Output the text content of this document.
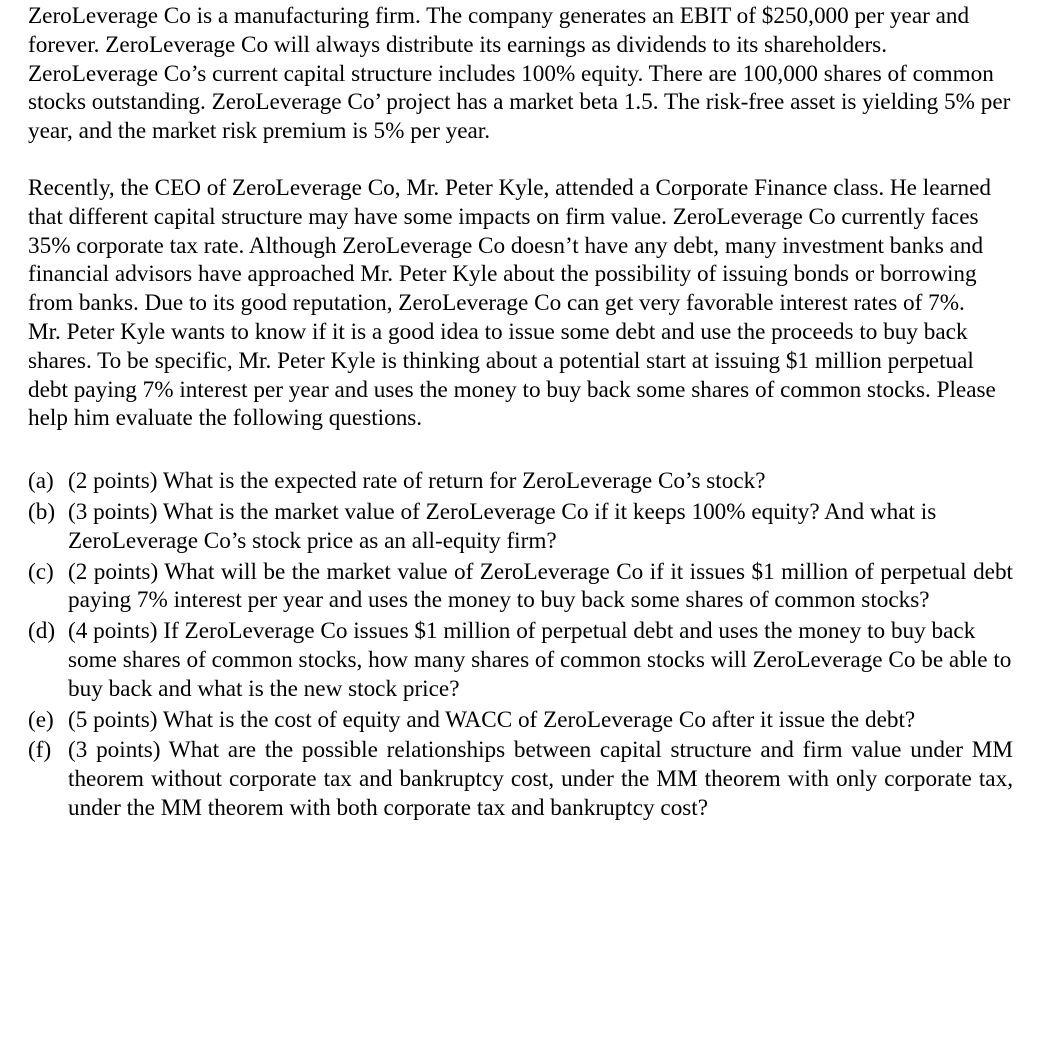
ZeroLeverage Co is a manufacturing firm. The company generates an EBIT of $250,000 per year and forever. ZeroLeverage Co will always distribute its earnings as dividends to its shareholders. ZeroLeverage Co’s current capital structure includes 100% equity. There are 100,000 shares of common stocks outstanding. ZeroLeverage Co’ project has a market beta 1.5. The risk-free asset is yielding 5% per year, and the market risk premium is 5% per year.

Recently, the CEO of ZeroLeverage Co, Mr. Peter Kyle, attended a Corporate Finance class. He learned that different capital structure may have some impacts on firm value. ZeroLeverage Co currently faces 35% corporate tax rate. Although ZeroLeverage Co doesn’t have any debt, many investment banks and financial advisors have approached Mr. Peter Kyle about the possibility of issuing bonds or borrowing from banks. Due to its good reputation, ZeroLeverage Co can get very favorable interest rates of 7%.

Mr. Peter Kyle wants to know if it is a good idea to issue some debt and use the proceeds to buy back shares. To be specific, Mr. Peter Kyle is thinking about a potential start at issuing $1 million perpetual debt paying 7% interest per year and uses the money to buy back some shares of common stocks. Please help him evaluate the following questions.

(a) (2 points) What is the expected rate of return for ZeroLeverage Co’s stock?
(b) (3 points) What is the market value of ZeroLeverage Co if it keeps 100% equity? And what is ZeroLeverage Co’s stock price as an all-equity firm?
(c) (2 points) What will be the market value of ZeroLeverage Co if it issues $1 million of perpetual debt paying 7% interest per year and uses the money to buy back some shares of common stocks?
(d) (4 points) If ZeroLeverage Co issues $1 million of perpetual debt and uses the money to buy back some shares of common stocks, how many shares of common stocks will ZeroLeverage Co be able to buy back and what is the new stock price?
(e) (5 points) What is the cost of equity and WACC of ZeroLeverage Co after it issue the debt?
(f) (3 points) What are the possible relationships between capital structure and firm value under MM theorem without corporate tax and bankruptcy cost, under the MM theorem with only corporate tax, under the MM theorem with both corporate tax and bankruptcy cost?
